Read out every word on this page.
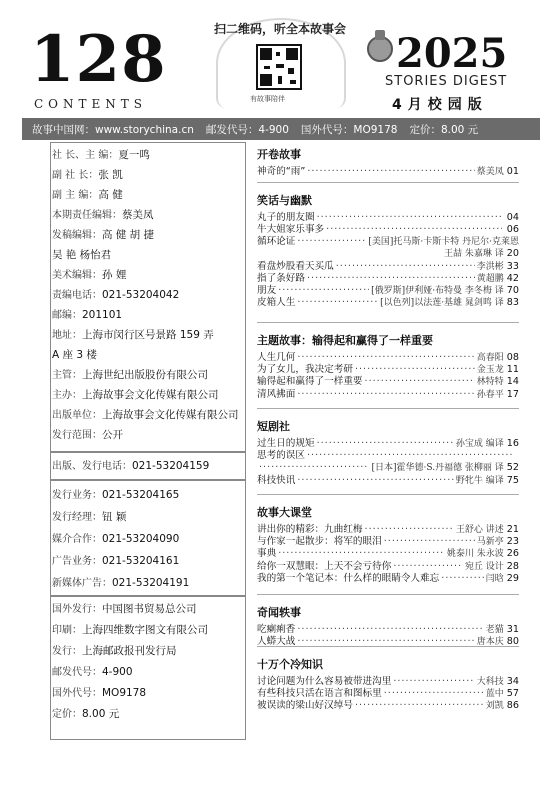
128
CONTENTS
扫二维码，听全本故事会
有故事陪伴
2025
STORIES DIGEST
4月校园版
故事中国网：www.storychina.cn 邮发代号：4-900 国外代号：MO9178 定价：8.00 元
社 长、主 编：夏一鸣
副 社 长：张 凯
副 主 编：高 健
本期责任编辑：蔡美凤
发稿编辑：高 健 胡 捷
吴 艳 杨怡君
美术编辑：孙 娌
责编电话：021-53204042
邮编：201101
地址：上海市闵行区号景路 159 弄
A 座 3 楼
主管：上海世纪出版股份有限公司
主办：上海故事会文化传媒有限公司
出版单位：上海故事会文化传媒有限公司
发行范围：公开
出版、发行电话：021-53204159
发行业务：021-53204165
发行经理：钮 颖
媒介合作：021-53204090
广告业务：021-53204161
新媒体广告：021-53204191
国外发行：中国图书贸易总公司
印刷：上海四维数字图文有限公司
发行：上海邮政报刊发行局
邮发代号：4-900
国外代号：MO9178
定价：8.00 元
开卷故事
神奇的“雨” ·····	蔡美凤 01
笑话与幽默
丸子的朋友圈 ·····	04
牛大姐家乐事多 ·····	06
循环论证 ·····	[美国]托马斯·卡斯卡特 丹尼尔·克莱恩
王喆 朱嘉琳 译 20
看盘炒股看天买瓜 ·····	李洪彬 33
指了条好路 ·····	黄超鹏 42
朋友 ·····	[俄罗斯]伊利娅·布特曼 李冬梅 译 70
皮箱人生 ·····	[以色列]以法莲·基雄 晁剑鸣 译 83
主题故事：输得起和赢得了一样重要
人生几何 ·····	高春阳 08
为了女儿，我决定考研 ·····	金玉龙 11
输得起和赢得了一样重要 ·····	林特特 14
清风拂面 ·····	孙春平 17
短剧社
过生日的规矩 ·····	孙宝成 编译 16
思考的误区
·····
·····
[日本]霍华德·S.丹福德 张柳丽 译 52
科技快讯 ·····	野牝牛 编译 75
故事大课堂
讲出你的精彩：九曲红梅 ·····	王舒心 讲述 21
与作家一起散步：将军的眼泪 ·····	马新亭 23
事典 ·····	姚泰川 朱永波 26
给你一双慧眼：上天不会亏待你 ·····	宛丘 设计 28
我的第一个笔记本：什么样的眼睛令人难忘 ·····	闫晗 29
奇闻轶事
吃瘌痢香 ·····	老猫 31
人蟒大战 ·····	唐本庆 80
十万个冷知识
讨论问题为什么容易被带进沟里 ·····	大科技 34
有些科技只活在语言和图标里 ·····	蓝中 57
被误读的梁山好汉绰号 ·····	刘凯 86
